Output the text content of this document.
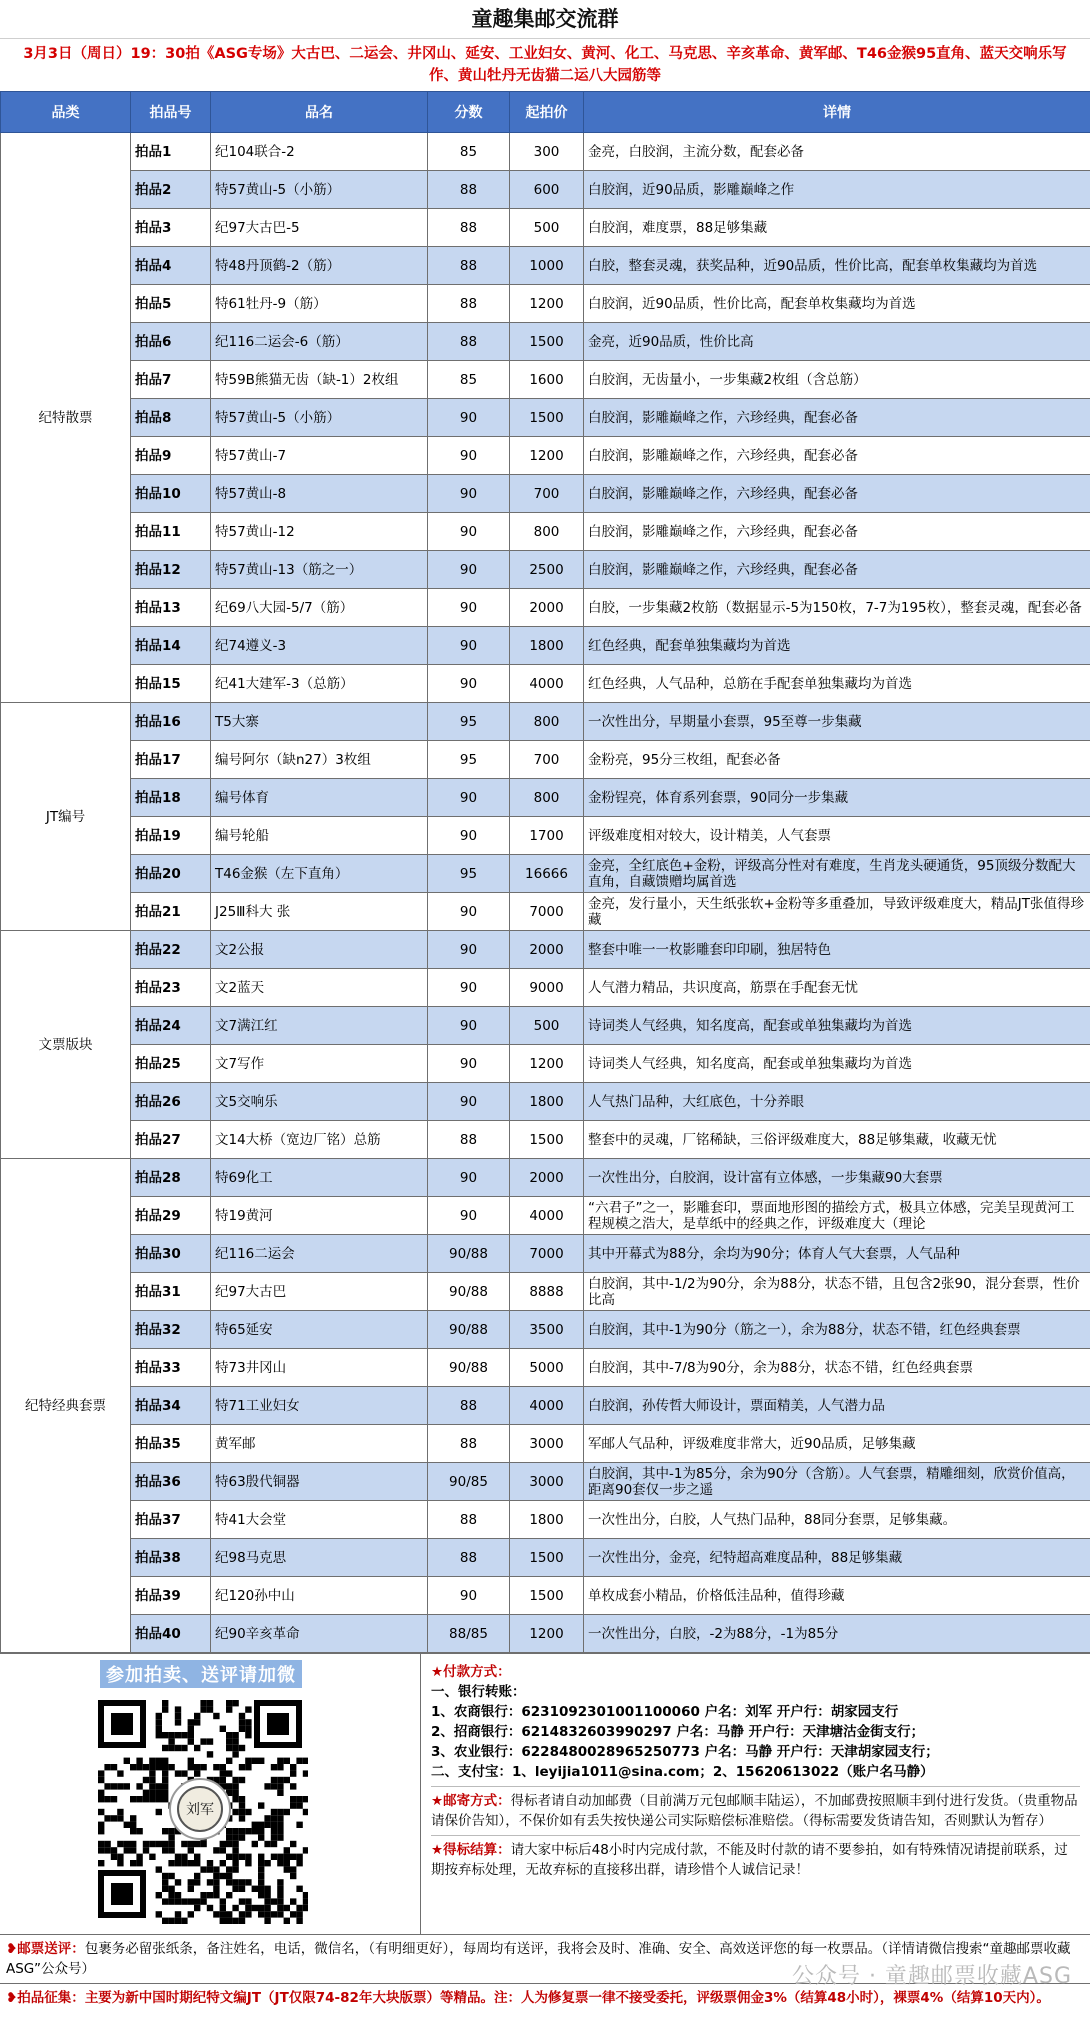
童趣集邮交流群
3月3日（周日）19：30拍《ASG专场》大古巴、二运会、井冈山、延安、工业妇女、黄河、化工、马克思、辛亥革命、黄军邮、T46金猴95直角、蓝天交响乐写作、黄山牡丹无齿猫二运八大园筋等
品类	拍品号	品名	分数	起拍价	详情
纪特散票	拍品1	纪104联合-2	85	300	金亮，白胶润，主流分数，配套必备
	拍品2	特57黄山-5（小筋）	88	600	白胶润，近90品质，影雕巅峰之作
	拍品3	纪97大古巴-5	88	500	白胶润，难度票，88足够集藏
	拍品4	特48丹顶鹤-2（筋）	88	1000	白胶，整套灵魂，获奖品种，近90品质，性价比高，配套单枚集藏均为首选
	拍品5	特61牡丹-9（筋）	88	1200	白胶润，近90品质，性价比高，配套单枚集藏均为首选
	拍品6	纪116二运会-6（筋）	88	1500	金亮，近90品质，性价比高
	拍品7	特59B熊猫无齿（缺-1）2枚组	85	1600	白胶润，无齿量小，一步集藏2枚组（含总筋）
	拍品8	特57黄山-5（小筋）	90	1500	白胶润，影雕巅峰之作，六珍经典，配套必备
	拍品9	特57黄山-7	90	1200	白胶润，影雕巅峰之作，六珍经典，配套必备
	拍品10	特57黄山-8	90	700	白胶润，影雕巅峰之作，六珍经典，配套必备
	拍品11	特57黄山-12	90	800	白胶润，影雕巅峰之作，六珍经典，配套必备
	拍品12	特57黄山-13（筋之一）	90	2500	白胶润，影雕巅峰之作，六珍经典，配套必备
	拍品13	纪69八大园-5/7（筋）	90	2000	白胶，一步集藏2枚筋（数据显示-5为150枚，7-7为195枚），整套灵魂，配套必备
	拍品14	纪74遵义-3	90	1800	红色经典，配套单独集藏均为首选
	拍品15	纪41大建军-3（总筋）	90	4000	红色经典，人气品种，总筋在手配套单独集藏均为首选
JT编号	拍品16	T5大寨	95	800	一次性出分，早期量小套票，95至尊一步集藏
	拍品17	编号阿尔（缺n27）3枚组	95	700	金粉亮，95分三枚组，配套必备
	拍品18	编号体育	90	800	金粉锃亮，体育系列套票，90同分一步集藏
	拍品19	编号轮船	90	1700	评级难度相对较大，设计精美，人气套票
	拍品20	T46金猴（左下直角）	95	16666	金亮，全红底色+金粉，评级高分性对有难度，生肖龙头硬通货，95顶级分数配大直角，自藏馈赠均属首选
	拍品21	J25Ⅲ科大 张	90	7000	金亮，发行量小，天生纸张软+金粉等多重叠加，导致评级难度大，精品JT张值得珍藏
文票版块	拍品22	文2公报	90	2000	整套中唯一一枚影雕套印印刷，独居特色
	拍品23	文2蓝天	90	9000	人气潜力精品，共识度高，筋票在手配套无忧
	拍品24	文7满江红	90	500	诗词类人气经典，知名度高，配套或单独集藏均为首选
	拍品25	文7写作	90	1200	诗词类人气经典，知名度高，配套或单独集藏均为首选
	拍品26	文5交响乐	90	1800	人气热门品种，大红底色，十分养眼
	拍品27	文14大桥（宽边厂铭）总筋	88	1500	整套中的灵魂，厂铭稀缺，三俗评级难度大，88足够集藏，收藏无忧
纪特经典套票	拍品28	特69化工	90	2000	一次性出分，白胶润，设计富有立体感，一步集藏90大套票
	拍品29	特19黄河	90	4000	“六君子”之一，影雕套印，票面地形图的描绘方式，极具立体感，完美呈现黄河工程规模之浩大，是草纸中的经典之作，评级难度大（理论
	拍品30	纪116二运会	90/88	7000	其中开幕式为88分，余均为90分；体育人气大套票，人气品种
	拍品31	纪97大古巴	90/88	8888	白胶润，其中-1/2为90分，余为88分，状态不错，且包含2张90，混分套票，性价比高
	拍品32	特65延安	90/88	3500	白胶润，其中-1为90分（筋之一），余为88分，状态不错，红色经典套票
	拍品33	特73井冈山	90/88	5000	白胶润，其中-7/8为90分，余为88分，状态不错，红色经典套票
	拍品34	特71工业妇女	88	4000	白胶润，孙传哲大师设计，票面精美，人气潜力品
	拍品35	黄军邮	88	3000	军邮人气品种，评级难度非常大，近90品质，足够集藏
	拍品36	特63殷代铜器	90/85	3000	白胶润，其中-1为85分，余为90分（含筋）。人气套票，精雕细刻，欣赏价值高，距离90套仅一步之遥
	拍品37	特41大会堂	88	1800	一次性出分，白胶，人气热门品种，88同分套票，足够集藏。
	拍品38	纪98马克思	88	1500	一次性出分，金亮，纪特超高难度品种，88足够集藏
	拍品39	纪120孙中山	90	1500	单枚成套小精品，价格低洼品种，值得珍藏
	拍品40	纪90辛亥革命	88/85	1200	一次性出分，白胶，-2为88分，-1为85分
参加拍卖、送评请加微
刘军
★付款方式：
一、银行转账：
1、农商银行：6231092301001100060 户名：刘军 开户行：胡家园支行
2、招商银行：6214832603990297 户名：马静 开户行：天津塘沽金街支行；
3、农业银行：6228480028965250773 户名：马静 开户行：天津胡家园支行；
二、支付宝：1、leyijia1011@sina.com；2、15620613022（账户名马静）
★邮寄方式：得标者请自动加邮费（目前满万元包邮顺丰陆运），不加邮费按照顺丰到付进行发货。（贵重物品请保价告知），不保价如有丢失按快递公司实际赔偿标准赔偿。（得标需要发货请告知，否则默认为暂存）
★得标结算：请大家中标后48小时内完成付款，不能及时付款的请不要参拍，如有特殊情况请提前联系，过期按弃标处理，无故弃标的直接移出群，请珍惜个人诚信记录！
❥邮票送评：包裹务必留张纸条，备注姓名，电话，微信名，（有明细更好），每周均有送评，我将会及时、准确、安全、高效送评您的每一枚票品。（详情请微信搜索“童趣邮票收藏ASG”公众号）
❥拍品征集：主要为新中国时期纪特文编JT（JT仅限74-82年大块版票）等精品。注：人为修复票一律不接受委托，评级票佣金3%（结算48小时），裸票4%（结算10天内）。
公众号 · 童趣邮票收藏ASG
